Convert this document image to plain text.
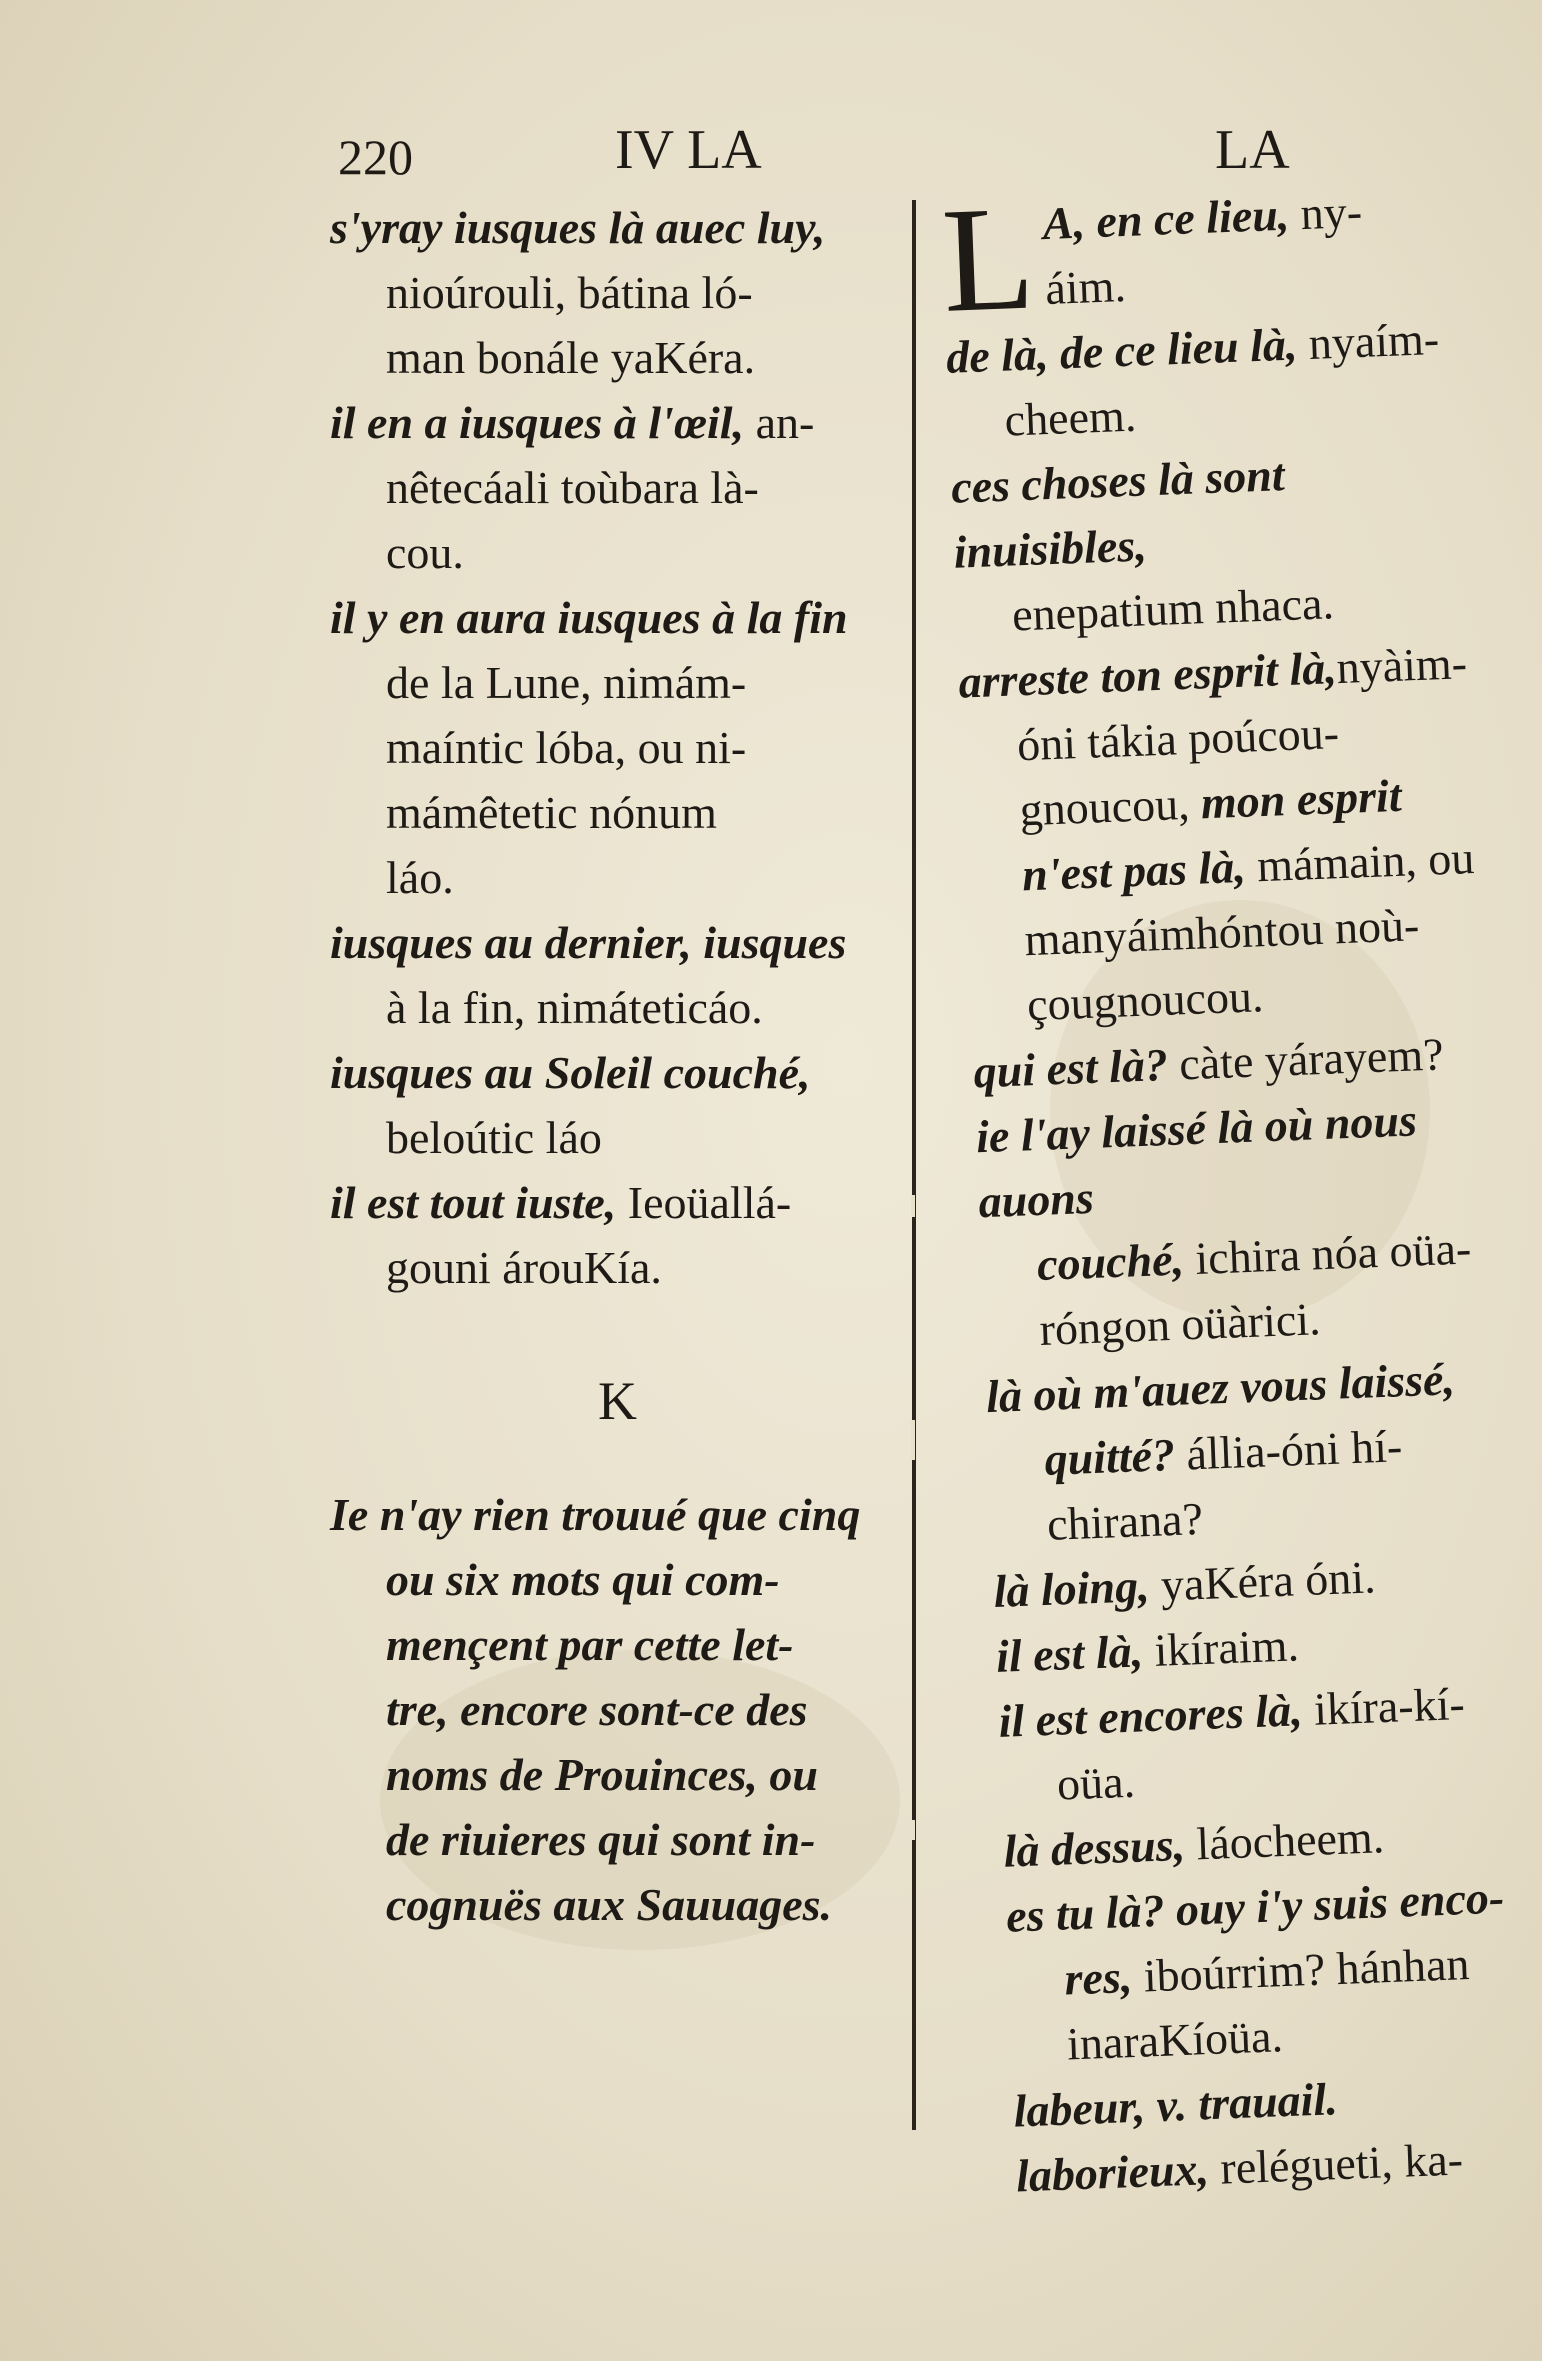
220	IV LA	LA

s'yray iusques là auec luy,
nioúrouli, bátina ló-
man bonále yaKéra.

il en a iusques à l'œil, an-
nêtecáali toùbara là-
cou.

il y en aura iusques à la fin
de la Lune, nimám-
maíntic lóba, ou ni-
mámêtetic nónum
láo.

iusques au dernier, iusques
à la fin, nimáteticáo.

iusques au Soleil couché,
beloútic láo

il est tout iuste, Ieoüallá-
gouni árouKía.

K

Ie n'ay rien trouué que cinq
ou six mots qui com-
mençent par cette let-
tre, encore sont-ce des
noms de Prouinces, ou
de riuieres qui sont in-
cognuës aux Sauuages.

L A, en ce lieu, ny-
áim.

de là, de ce lieu là, nyaím-

cheem.

ces choses là sont inuisibles,

enepatium nhaca.

arreste ton esprit là,nyàim-

óni tákia poúcou-

gnoucou, mon esprit

n'est pas là, mámain, ou

manyáimhóntou noù-

çougnoucou.

qui est là? càte yárayem?

ie l'ay laissé là où nous auons

couché, ichira nóa oüa-

róngon oüàrici.

là où m'auez vous laissé,

quitté? állia-óni hí-

chirana?

là loing, yaKéra óni.

il est là, ikíraim.

il est encores là, ikíra-kí-

oüa.

là dessus, láocheem.

es tu là? ouy i'y suis enco-

res, iboúrrim? hánhan

inaraKíoüa.

labeur, v. trauail.

laborieux, relégueti, ka-
